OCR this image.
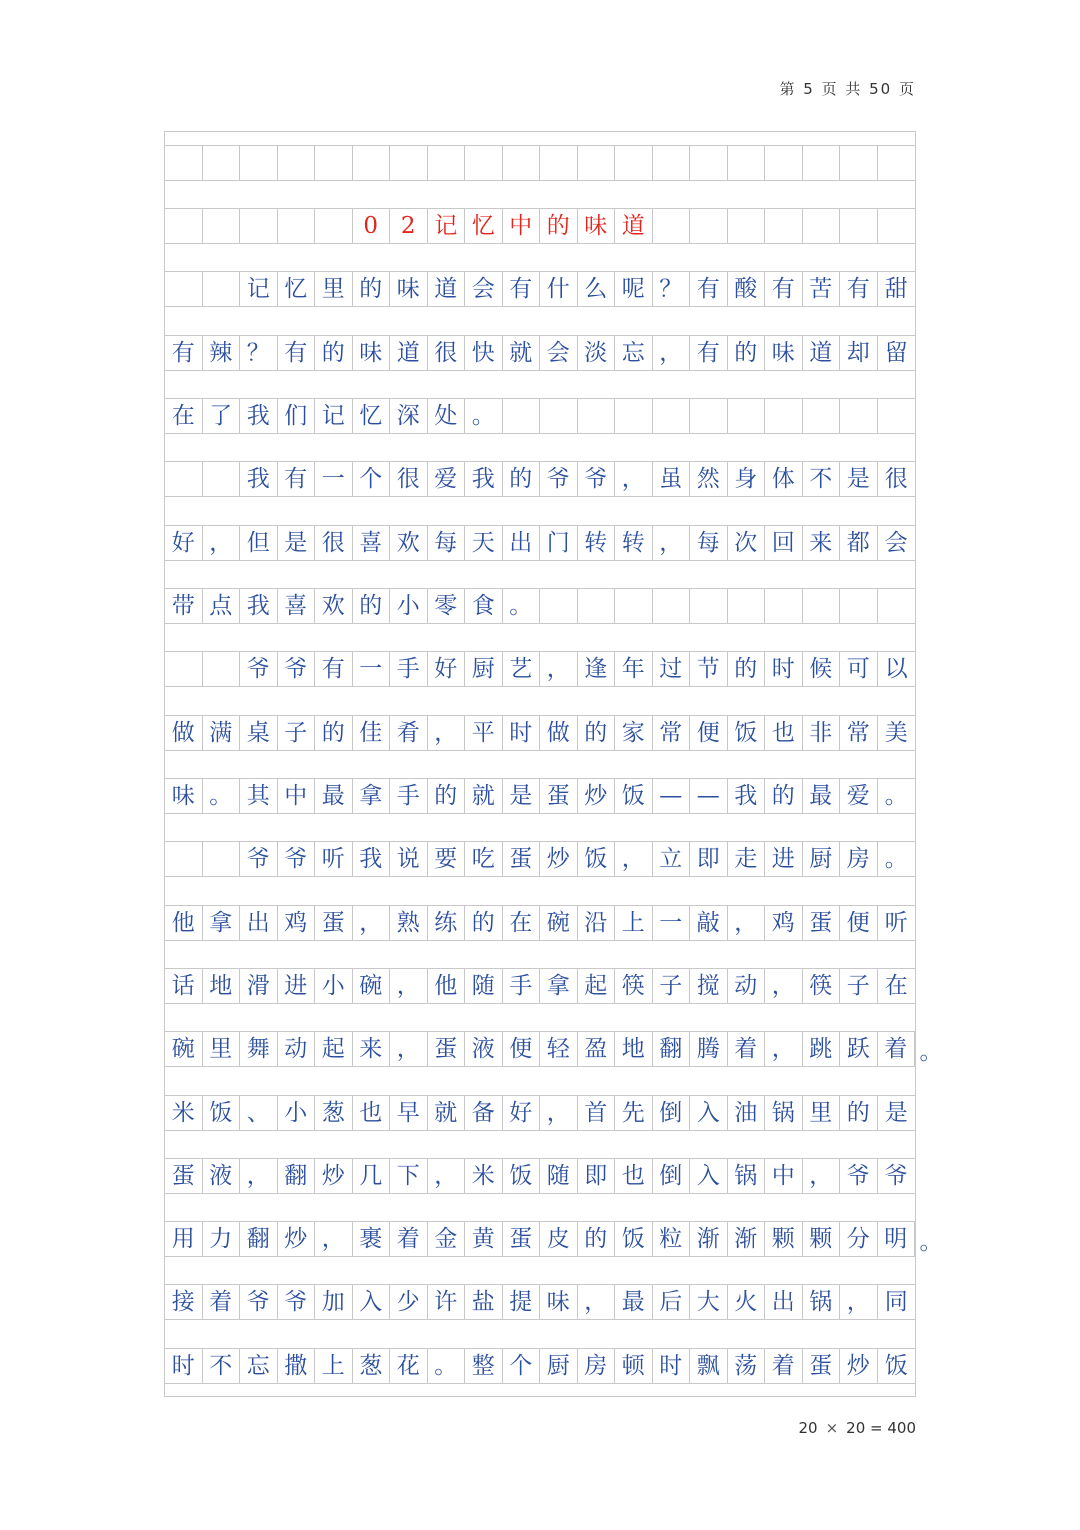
第 5 页 共 50 页
0 2 记 忆 中 的 味 道
记 忆 里 的 味 道 会 有 什 么 呢 ？ 有 酸 有 苦 有 甜
有 辣 ？ 有 的 味 道 很 快 就 会 淡 忘 ， 有 的 味 道 却 留
在 了 我 们 记 忆 深 处 。
我 有 一 个 很 爱 我 的 爷 爷 ， 虽 然 身 体 不 是 很
好 ， 但 是 很 喜 欢 每 天 出 门 转 转 ， 每 次 回 来 都 会
带 点 我 喜 欢 的 小 零 食 。
爷 爷 有 一 手 好 厨 艺 ， 逢 年 过 节 的 时 候 可 以
做 满 桌 子 的 佳 肴 ， 平 时 做 的 家 常 便 饭 也 非 常 美
味 。 其 中 最 拿 手 的 就 是 蛋 炒 饭 — — 我 的 最 爱 。
爷 爷 听 我 说 要 吃 蛋 炒 饭 ， 立 即 走 进 厨 房 。
他 拿 出 鸡 蛋 ， 熟 练 的 在 碗 沿 上 一 敲 ， 鸡 蛋 便 听
话 地 滑 进 小 碗 ， 他 随 手 拿 起 筷 子 搅 动 ， 筷 子 在
碗 里 舞 动 起 来 ， 蛋 液 便 轻 盈 地 翻 腾 着 ， 跳 跃 着 。
米 饭 、 小 葱 也 早 就 备 好 ， 首 先 倒 入 油 锅 里 的 是
蛋 液 ， 翻 炒 几 下 ， 米 饭 随 即 也 倒 入 锅 中 ， 爷 爷
用 力 翻 炒 ， 裹 着 金 黄 蛋 皮 的 饭 粒 渐 渐 颗 颗 分 明 。
接 着 爷 爷 加 入 少 许 盐 提 味 ， 最 后 大 火 出 锅 ， 同
时 不 忘 撒 上 葱 花 。 整 个 厨 房 顿 时 飘 荡 着 蛋 炒 饭
20 × 20 = 400
